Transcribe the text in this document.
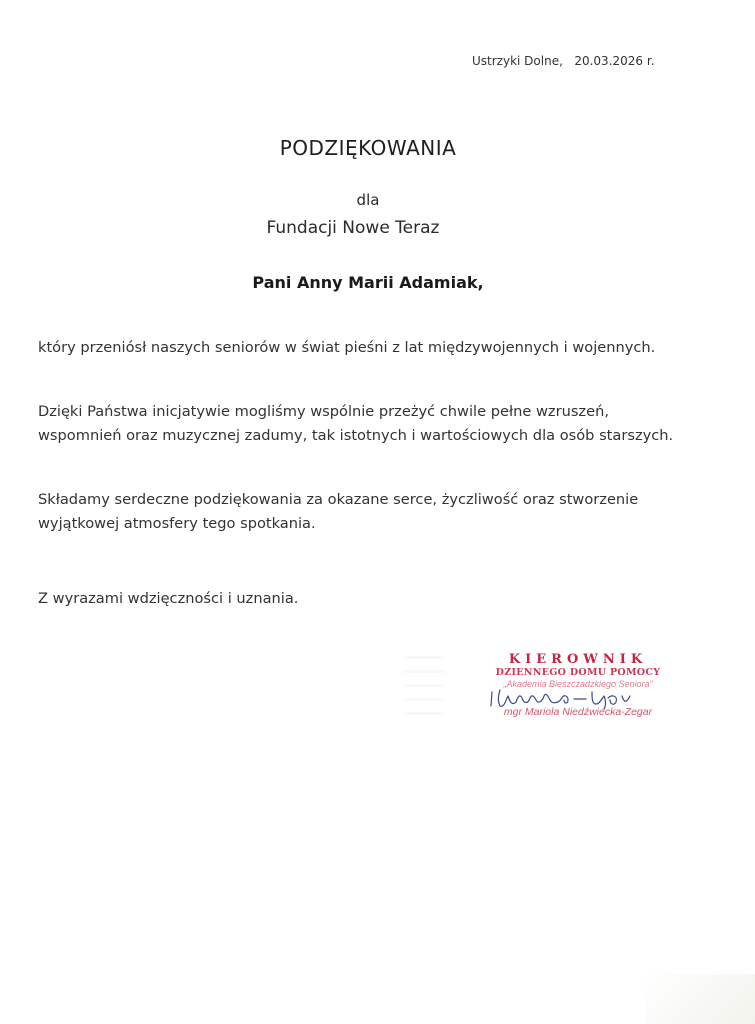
Ustrzyki Dolne,   20.03.2026 r.
PODZIĘKOWANIA
dla
Fundacji Nowe Teraz
Pani Anny Marii Adamiak,

który przeniósł naszych seniorów w świat pieśni z lat międzywojennych i wojennych.

Dzięki Państwa inicjatywie mogliśmy wspólnie przeżyć chwile pełne wzruszeń, wspomnień oraz muzycznej zadumy, tak istotnych i wartościowych dla osób starszych.

Składamy serdeczne podziękowania za okazane serce, życzliwość oraz stworzenie wyjątkowej atmosfery tego spotkania.

Z wyrazami wdzięczności i uznania.
KIEROWNIK
DZIENNEGO DOMU POMOCY
„Akademia Bieszczadzkiego Seniora”
mgr Mariola Niedźwiecka-Zegar
